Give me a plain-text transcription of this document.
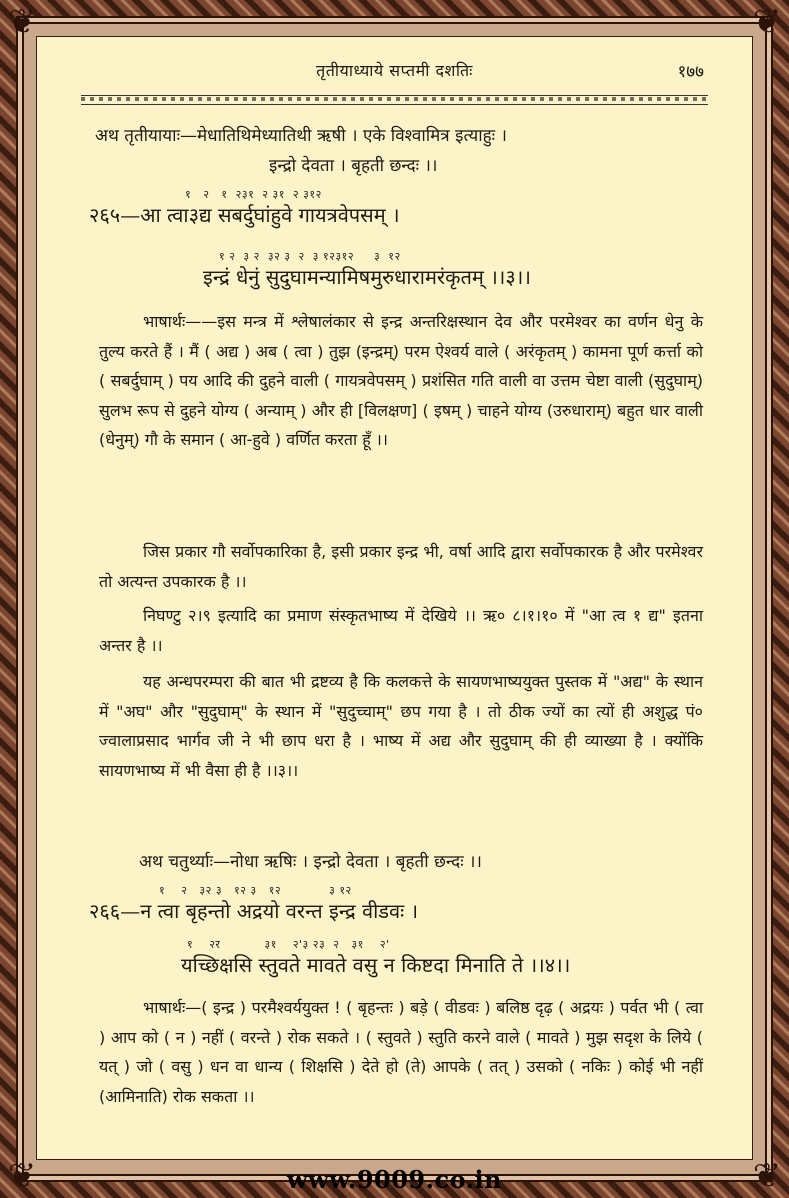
❦	❦
❦	❦
तृतीयाध्याये सप्तमी दशतिः	१७७
अथ तृतीयायाः—मेधातिथिमेध्यातिथी ऋषी । एके विश्वामित्र इत्याहुः ।
इन्द्रो देवता । बृहती छन्दः ।।
१   २   १  २३१  २ ३१  २ ३१२
२६५—आ त्वा३द्य सबर्दुघांहुवे गायत्रवेपसम् ।
१ २  ३ २  ३२ ३  २  ३ १२३१२     ३  १२
इन्द्रं धेनुं सुदुघामन्यामिषमुरुधारामरंकृतम् ।।३।।
भाषार्थः——इस मन्त्र में श्लेषालंकार से इन्द्र अन्तरिक्षस्थान देव और परमेश्वर का वर्णन धेनु के तुल्य करते हैं । मैं ( अद्य ) अब ( त्वा ) तुझ (इन्द्रम्) परम ऐश्वर्य वाले ( अरंकृतम् ) कामना पूर्ण कर्त्ता को ( सबर्दुघाम् ) पय आदि की दुहने वाली ( गायत्रवेपसम् ) प्रशंसित गति वाली वा उत्तम चेष्टा वाली (सुदुघाम्) सुलभ रूप से दुहने योग्य ( अन्याम् ) और ही [विलक्षण] ( इषम् ) चाहने योग्य (उरुधाराम्) बहुत धार वाली (धेनुम्) गौ के समान ( आ-हुवे ) वर्णित करता हूँ ।।
जिस प्रकार गौ सर्वोपकारिका है, इसी प्रकार इन्द्र भी, वर्षा आदि द्वारा सर्वोपकारक है और परमेश्वर तो अत्यन्त उपकारक है ।।
निघण्टु २।९ इत्यादि का प्रमाण संस्कृतभाष्य में देखिये ।। ऋ० ८।१।१० में "आ त्व १ द्य" इतना अन्तर है ।।
यह अन्धपरम्परा की बात भी द्रष्टव्य है कि कलकत्ते के सायणभाष्ययुक्त पुस्तक में "अद्य" के स्थान में "अघ" और "सुदुघाम्" के स्थान में "सुदुच्चाम्" छप गया है । तो ठीक ज्यों का त्यों ही अशुद्ध पं० ज्वालाप्रसाद भार्गव जी ने भी छाप धरा है । भाष्य में अद्य और सुदुघाम् की ही व्याख्या है । क्योंकि सायणभाष्य में भी वैसा ही है ।।३।।
अथ चतुर्थ्याः—नोधा ऋषिः । इन्द्रो देवता । बृहती छन्दः ।।
१    २   ३२ ३   १२ ३   १२            ३ १२
२६६—न त्वा बृहन्तो अद्रयो वरन्त इन्द्र वीडवः ।
१    २र           ३१    २'३ २३  २   ३१    २'
यच्छिक्षसि स्तुवते मावते वसु न किष्टदा मिनाति ते ।।४।।
भाषार्थः—( इन्द्र ) परमैश्वर्ययुक्त ! ( बृहन्तः ) बड़े ( वीडवः ) बलिष्ठ दृढ़ ( अद्रयः ) पर्वत भी ( त्वा ) आप को ( न ) नहीं ( वरन्ते ) रोक सकते । ( स्तुवते ) स्तुति करने वाले ( मावते ) मुझ सदृश के लिये ( यत् ) जो ( वसु ) धन वा धान्य ( शिक्षसि ) देते हो (ते) आपके ( तत् ) उसको ( नकिः ) कोई भी नहीं (आमिनाति) रोक सकता ।।
www.9009.co.in
